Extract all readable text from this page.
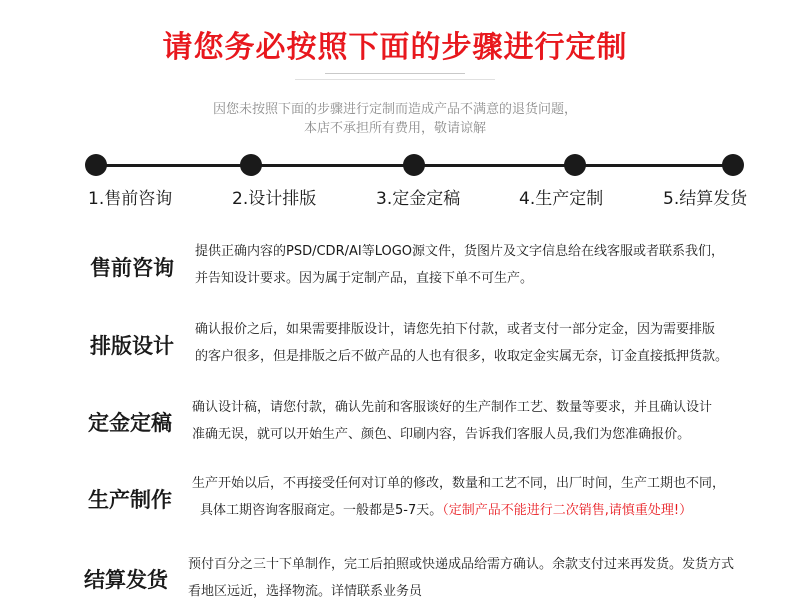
请您务必按照下面的步骤进行定制
因您未按照下面的步骤进行定制而造成产品不满意的退货问题，
本店不承担所有费用，敬请谅解
1.售前咨询	2.设计排版	3.定金定稿	4.生产定制	5.结算发货
售前咨询
提供正确内容的PSD/CDR/AI等LOGO源文件，货图片及文字信息给在线客服或者联系我们，
并告知设计要求。因为属于定制产品，直接下单不可生产。
排版设计
确认报价之后，如果需要排版设计，请您先拍下付款，或者支付一部分定金，因为需要排版
的客户很多，但是排版之后不做产品的人也有很多，收取定金实属无奈，订金直接抵押货款。
定金定稿
确认设计稿，请您付款，确认先前和客服谈好的生产制作工艺、数量等要求，并且确认设计
准确无误，就可以开始生产、颜色、印刷内容，告诉我们客服人员,我们为您准确报价。
生产制作
生产开始以后，不再接受任何对订单的修改，数量和工艺不同，出厂时间，生产工期也不同，
具体工期咨询客服商定。一般都是5-7天。（定制产品不能进行二次销售,请慎重处理!）
结算发货
预付百分之三十下单制作，完工后拍照或快递成品给需方确认。余款支付过来再发货。发货方式
看地区远近，选择物流。详情联系业务员
